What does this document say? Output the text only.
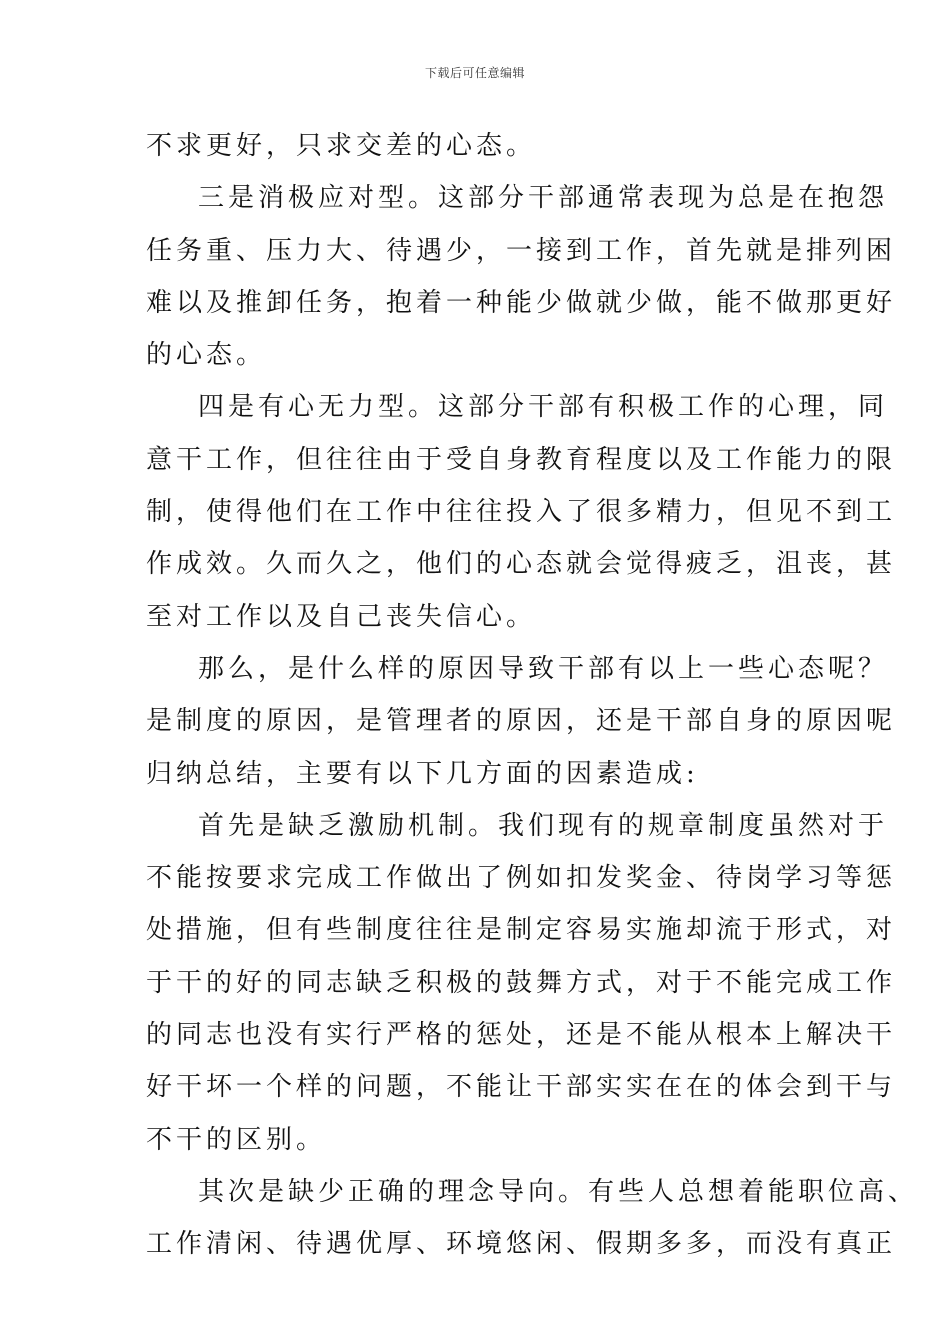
下载后可任意编辑
不求更好，只求交差的心态。
三是消极应对型。这部分干部通常表现为总是在抱怨
任务重、压力大、待遇少，一接到工作，首先就是排列困
难以及推卸任务，抱着一种能少做就少做，能不做那更好
的心态。
四是有心无力型。这部分干部有积极工作的心理，同
意干工作，但往往由于受自身教育程度以及工作能力的限
制，使得他们在工作中往往投入了很多精力，但见不到工
作成效。久而久之，他们的心态就会觉得疲乏，沮丧，甚
至对工作以及自己丧失信心。
那么，是什么样的原因导致干部有以上一些心态呢？
是制度的原因，是管理者的原因，还是干部自身的原因呢
归纳总结，主要有以下几方面的因素造成:
首先是缺乏激励机制。我们现有的规章制度虽然对于
不能按要求完成工作做出了例如扣发奖金、待岗学习等惩
处措施，但有些制度往往是制定容易实施却流于形式，对
于干的好的同志缺乏积极的鼓舞方式，对于不能完成工作
的同志也没有实行严格的惩处，还是不能从根本上解决干
好干坏一个样的问题，不能让干部实实在在的体会到干与
不干的区别。
其次是缺少正确的理念导向。有些人总想着能职位高、
工作清闲、待遇优厚、环境悠闲、假期多多，而没有真正
